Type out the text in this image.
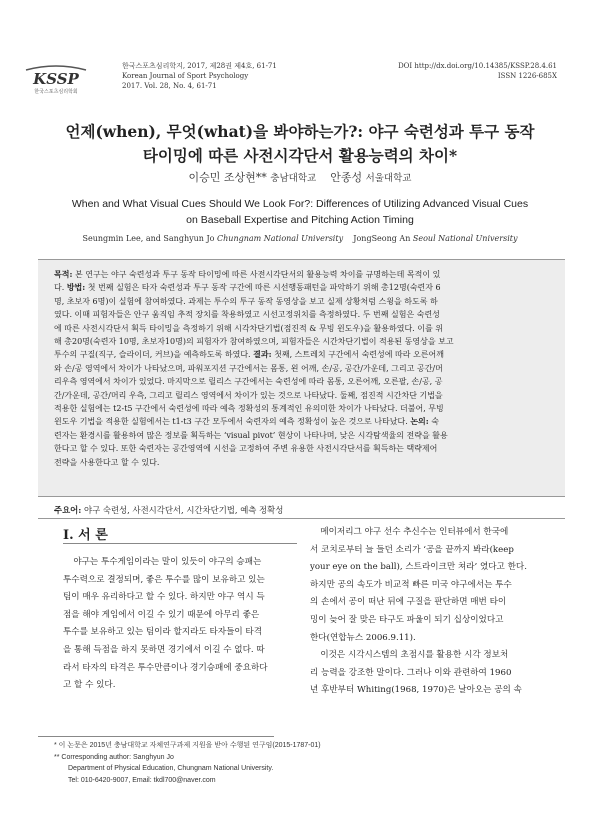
KSSP
한국스포츠심리학회
한국스포츠심리학지, 2017, 제28권 제4호, 61-71
Korean Journal of Sport Psychology
2017. Vol. 28, No. 4, 61-71
DOI http://dx.doi.org/10.14385/KSSP.28.4.61
ISSN 1226-685X
언제(when), 무엇(what)을 봐야하는가?: 야구 숙련성과 투구 동작
타이밍에 따른 사전시각단서 활용능력의 차이*
이승민 조상현** 충남대학교 안종성 서울대학교
When and What Visual Cues Should We Look For?: Differences of Utilizing Advanced Visual Cues
on Baseball Expertise and Pitching Action Timing
Seungmin Lee, and Sanghyun Jo Chungnam National University JongSeong An Seoul National University
목적: 본 연구는 야구 숙련성과 투구 동작 타이밍에 따른 사전시각단서의 활용능력 차이를 규명하는데 목적이 있
다. 방법: 첫 번째 실험은 타자 숙련성과 투구 동작 구간에 따른 시선행동패턴을 파악하기 위해 총12명(숙련자 6
명, 초보자 6명)이 실험에 참여하였다. 과제는 투수의 투구 동작 동영상을 보고 실제 상황처럼 스윙을 하도록 하
였다. 이때 피험자들은 안구 움직임 추적 장치를 착용하였고 시선고정위치를 측정하였다. 두 번째 실험은 숙련성
에 따른 사전시각단서 획득 타이밍을 측정하기 위해 시각차단기법(점진적 & 무빙 윈도우)을 활용하였다. 이를 위
해 총20명(숙련자 10명, 초보자10명)의 피험자가 참여하였으며, 피험자들은 시간차단기법이 적용된 동영상을 보고
투수의 구질(직구, 슬라이더, 커브)을 예측하도록 하였다. 결과: 첫째, 스트레치 구간에서 숙련성에 따라 오른어깨
와 손/공 영역에서 차이가 나타났으며, 파워포지션 구간에서는 몸통, 왼 어깨, 손/공, 공간/가운데, 그리고 공간/머
리우측 영역에서 차이가 있었다. 마지막으로 릴리스 구간에서는 숙련성에 따라 몸통, 오른어깨, 오른팔, 손/공, 공
간/가운데, 공간/머리 우측, 그리고 릴리스 영역에서 차이가 있는 것으로 나타났다. 둘째, 점진적 시간차단 기법을
적용한 실험에는 t2-t5 구간에서 숙련성에 따라 예측 정확성의 통계적인 유의미한 차이가 나타났다. 더불어, 무빙
윈도우 기법을 적용한 실험에서는 t1-t3 구간 모두에서 숙련자의 예측 정확성이 높은 것으로 나타났다. 논의: 숙
련자는 환경시를 활용하여 많은 정보를 획득하는 ‘visual pivot’ 현상이 나타나며, 낮은 시각탐색율의 전략을 활용
한다고 할 수 있다. 또한 숙련자는 공간영역에 시선을 고정하여 주변 유용한 사전시각단서를 획득하는 택략제어
전략을 사용한다고 할 수 있다.
주요어: 야구 숙련성, 사전시각단서, 시간차단기법, 예측 정확성
I. 서 론
야구는 투수게임이라는 말이 있듯이 야구의 승패는
투수력으로 결정되며, 좋은 투수를 많이 보유하고 있는
팀이 매우 유리하다고 할 수 있다. 하지만 야구 역시 득
점을 해야 게임에서 이길 수 있기 때문에 아무리 좋은
투수를 보유하고 있는 팀이라 할지라도 타자들이 타격
을 통해 득점을 하지 못하면 경기에서 이길 수 없다. 따
라서 타자의 타격은 투수만큼이나 경기승패에 중요하다
고 할 수 있다.
메이저리그 야구 선수 추신수는 인터뷰에서 한국에
서 코치로부터 늘 들던 소리가 ‘공을 끝까지 봐라(keep
your eye on the ball), 스트라이크만 쳐라’ 였다고 한다.
하지만 공의 속도가 비교적 빠른 미국 야구에서는 투수
의 손에서 공이 떠난 뒤에 구질을 판단하면 매번 타이
밍이 늦어 잘 맞은 타구도 파울이 되기 십상이었다고
한다(연합뉴스 2006.9.11).
이것은 시각시스템의 초점시를 활용한 시각 정보처
리 능력을 강조한 말이다. 그러나 이와 관련하여 1960
년 후반부터 Whiting(1968, 1970)은 날아오는 공의 속
* 이 논문은 2015년 충남대학교 자체연구과제 지원을 받아 수행된 연구임(2015-1787-01)
** Corresponding author: Sanghyun Jo
Department of Physical Education, Chungnam National University.
Tel: 010-6420-9007, Email: tkdl700@naver.com
